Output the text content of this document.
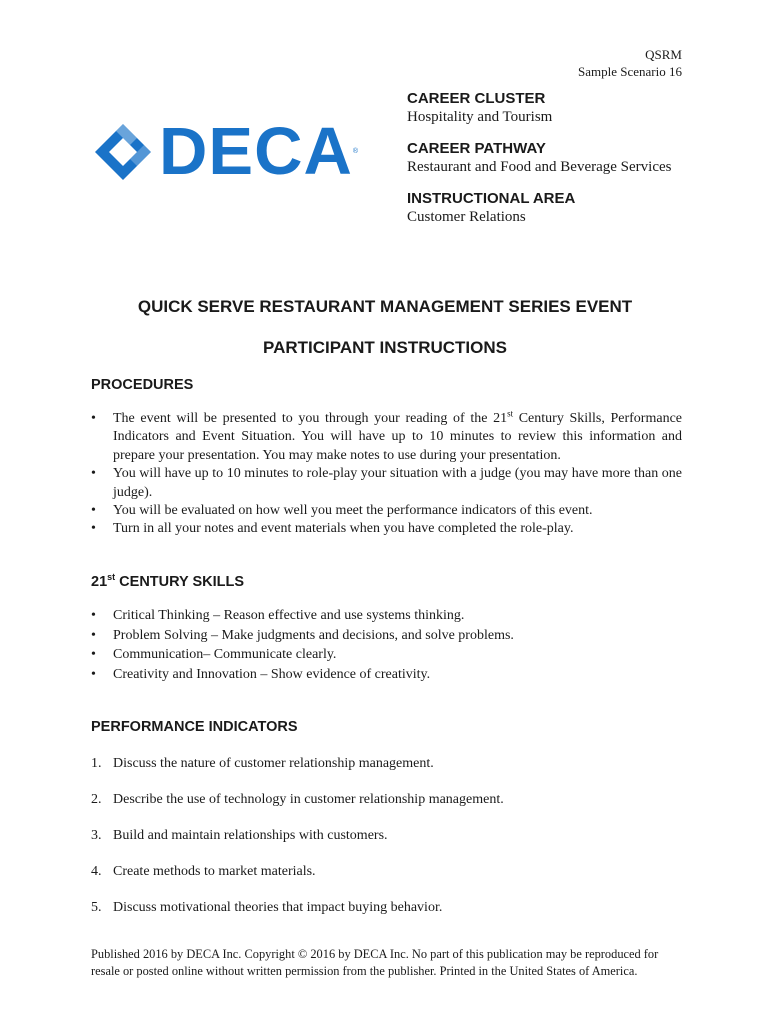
QSRM
Sample Scenario 16
DECA®
CAREER CLUSTER
Hospitality and Tourism
CAREER PATHWAY
Restaurant and Food and Beverage Services
INSTRUCTIONAL AREA
Customer Relations
QUICK SERVE RESTAURANT MANAGEMENT SERIES EVENT
PARTICIPANT INSTRUCTIONS
PROCEDURES
• The event will be presented to you through your reading of the 21st Century Skills, Performance Indicators and Event Situation. You will have up to 10 minutes to review this information and prepare your presentation. You may make notes to use during your presentation.
• You will have up to 10 minutes to role-play your situation with a judge (you may have more than one judge).
• You will be evaluated on how well you meet the performance indicators of this event.
• Turn in all your notes and event materials when you have completed the role-play.
21st CENTURY SKILLS
• Critical Thinking – Reason effective and use systems thinking.
• Problem Solving – Make judgments and decisions, and solve problems.
• Communication– Communicate clearly.
• Creativity and Innovation – Show evidence of creativity.
PERFORMANCE INDICATORS
1. Discuss the nature of customer relationship management.
2. Describe the use of technology in customer relationship management.
3. Build and maintain relationships with customers.
4. Create methods to market materials.
5. Discuss motivational theories that impact buying behavior.
Published 2016 by DECA Inc. Copyright © 2016 by DECA Inc. No part of this publication may be reproduced for resale or posted online without written permission from the publisher. Printed in the United States of America.
